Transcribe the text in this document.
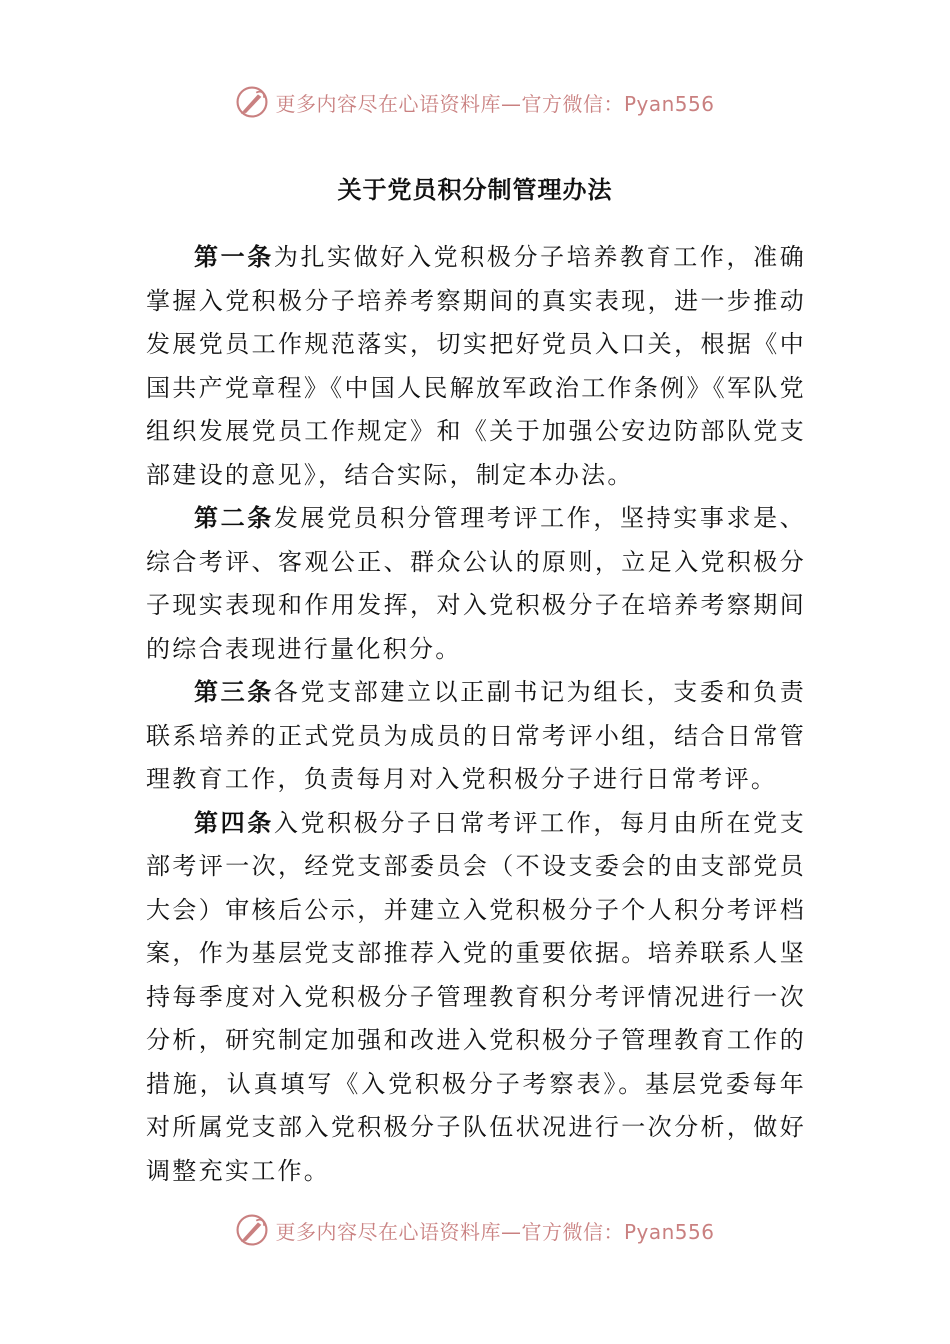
更多内容尽在心语资料库—官方微信：Pyan556
关于党员积分制管理办法

第一条为扎实做好入党积极分子培养教育工作，准确掌握入党积极分子培养考察期间的真实表现，进一步推动发展党员工作规范落实，切实把好党员入口关，根据《中国共产党章程》《中国人民解放军政治工作条例》《军队党组织发展党员工作规定》和《关于加强公安边防部队党支部建设的意见》，结合实际，制定本办法。

第二条发展党员积分管理考评工作，坚持实事求是、综合考评、客观公正、群众公认的原则，立足入党积极分子现实表现和作用发挥，对入党积极分子在培养考察期间的综合表现进行量化积分。

第三条各党支部建立以正副书记为组长，支委和负责联系培养的正式党员为成员的日常考评小组，结合日常管理教育工作，负责每月对入党积极分子进行日常考评。

第四条入党积极分子日常考评工作，每月由所在党支部考评一次，经党支部委员会（不设支委会的由支部党员大会）审核后公示，并建立入党积极分子个人积分考评档案，作为基层党支部推荐入党的重要依据。培养联系人坚持每季度对入党积极分子管理教育积分考评情况进行一次分析，研究制定加强和改进入党积极分子管理教育工作的措施，认真填写《入党积极分子考察表》。基层党委每年对所属党支部入党积极分子队伍状况进行一次分析，做好调整充实工作。

更多内容尽在心语资料库—官方微信：Pyan556
